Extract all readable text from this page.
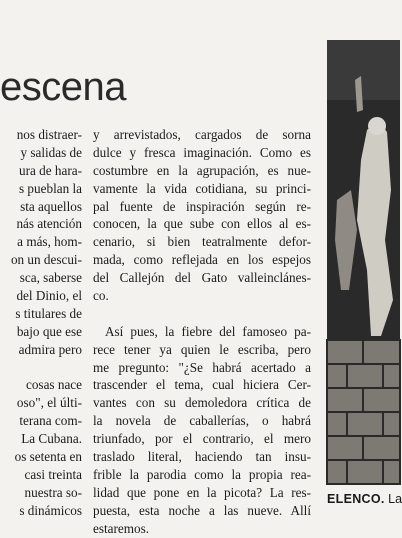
escena
nos distraer-
y salidas de
ura de hara-
s pueblan la
sta aquellos
nás atención
a más, hom-
on un descui-
sca, saberse
del Dinio, el
s titulares de
bajo que ese
admira pero
cosas nace
oso", el últi-
terana com-
La Cubana.
os setenta en
casi treinta
nuestra so-
s dinámicos
y arrevistados, cargados de sorna
dulce y fresca imaginación. Como es
costumbre en la agrupación, es nue-
vamente la vida cotidiana, su princi-
pal fuente de inspiración según re-
conocen, la que sube con ellos al es-
cenario, si bien teatralmente defor-
mada, como reflejada en los espejos
del Callejón del Gato valleinclánes-
co.
Así pues, la fiebre del famoseo pa-
rece tener ya quien le escriba, pero
me pregunto: "¿Se habrá acertado a
trascender el tema, cual hiciera Cer-
vantes con su demoledora crítica de
la novela de caballerías, o habrá
triunfado, por el contrario, el mero
traslado literal, haciendo tan insu-
frible la parodia como la propia rea-
lidad que pone en la picota? La res-
puesta, esta noche a las nueve. Allí
estaremos.
ELENCO. La
